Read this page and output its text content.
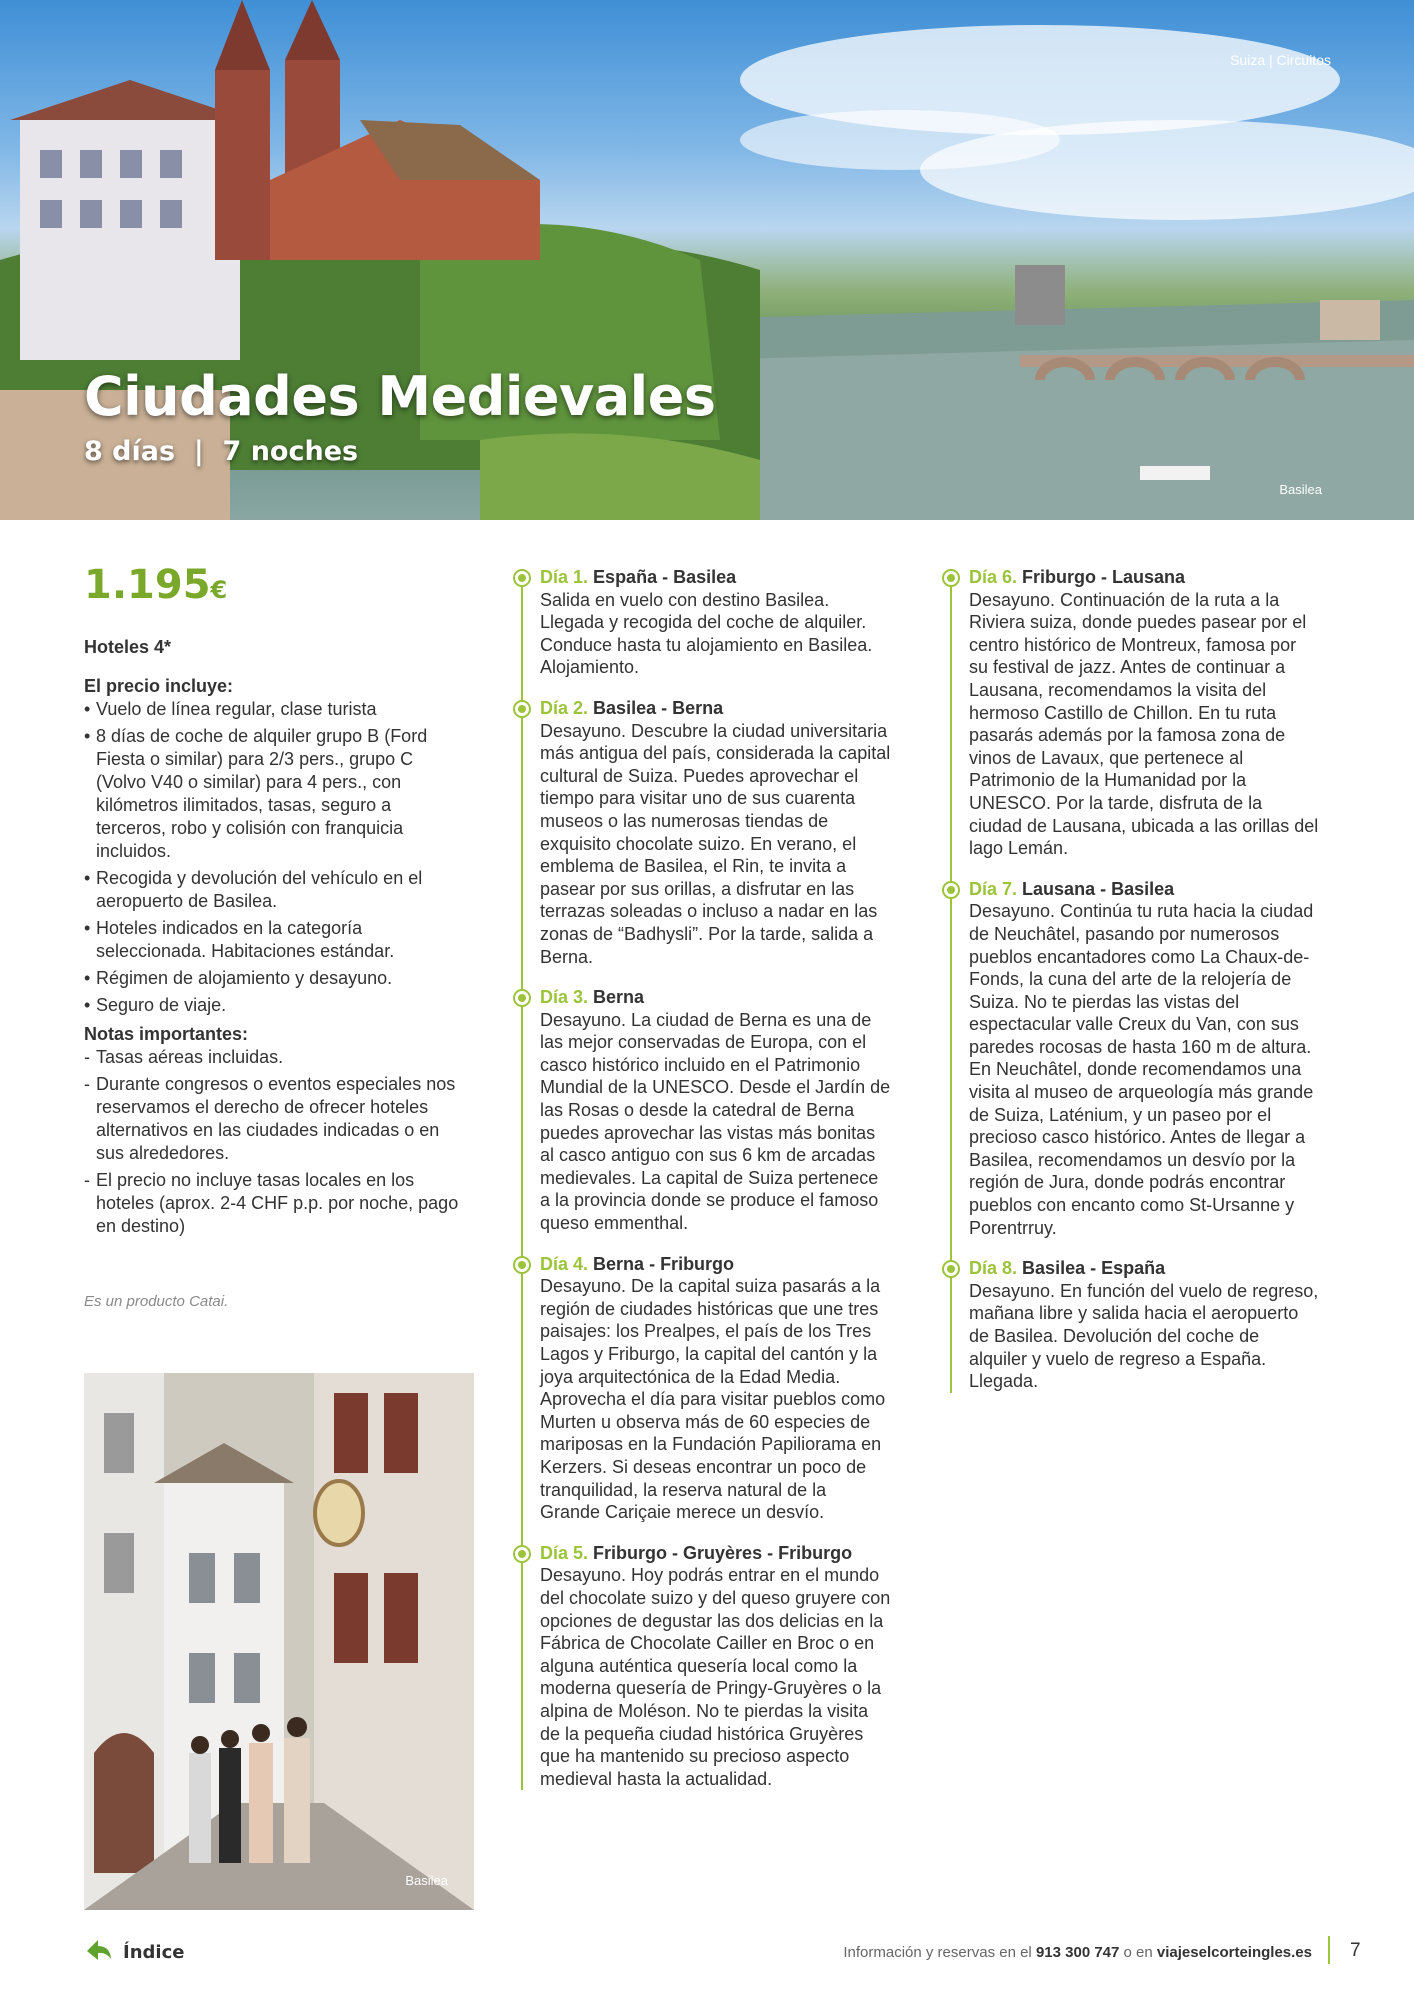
Suiza | Circuitos
Ciudades Medievales
8 días  |  7 noches
Basilea
1.195€
Hoteles 4*
El precio incluye:
• Vuelo de línea regular, clase turista
• 8 días de coche de alquiler grupo B (Ford Fiesta o similar) para 2/3 pers., grupo C (Volvo V40 o similar) para 4 pers., con kilómetros ilimitados, tasas, seguro a terceros, robo y colisión con franquicia incluidos.
• Recogida y devolución del vehículo en el aeropuerto de Basilea.
• Hoteles indicados en la categoría seleccionada. Habitaciones estándar.
• Régimen de alojamiento y desayuno.
• Seguro de viaje.
Notas importantes:
- Tasas aéreas incluidas.
- Durante congresos o eventos especiales nos reservamos el derecho de ofrecer hoteles alternativos en las ciudades indicadas o en sus alrededores.
- El precio no incluye tasas locales en los hoteles (aprox. 2-4 CHF p.p. por noche, pago en destino)
Es un producto Catai.
Basilea
Día 1. España - Basilea
Salida en vuelo con destino Basilea. Llegada y recogida del coche de alquiler. Conduce hasta tu alojamiento en Basilea. Alojamiento.
Día 2. Basilea - Berna
Desayuno. Descubre la ciudad universitaria más antigua del país, considerada la capital cultural de Suiza. Puedes aprovechar el tiempo para visitar uno de sus cuarenta museos o las numerosas tiendas de exquisito chocolate suizo. En verano, el emblema de Basilea, el Rin, te invita a pasear por sus orillas, a disfrutar en las terrazas soleadas o incluso a nadar en las zonas de “Badhysli”. Por la tarde, salida a Berna.
Día 3. Berna
Desayuno. La ciudad de Berna es una de las mejor conservadas de Europa, con el casco histórico incluido en el Patrimonio Mundial de la UNESCO. Desde el Jardín de las Rosas o desde la catedral de Berna puedes aprovechar las vistas más bonitas al casco antiguo con sus 6 km de arcadas medievales. La capital de Suiza pertenece a la provincia donde se produce el famoso queso emmenthal.
Día 4. Berna - Friburgo
Desayuno. De la capital suiza pasarás a la región de ciudades históricas que une tres paisajes: los Prealpes, el país de los Tres Lagos y Friburgo, la capital del cantón y la joya arquitectónica de la Edad Media. Aprovecha el día para visitar pueblos como Murten u observa más de 60 especies de mariposas en la Fundación Papiliorama en Kerzers. Si deseas encontrar un poco de tranquilidad, la reserva natural de la Grande Cariçaie merece un desvío.
Día 5. Friburgo - Gruyères - Friburgo
Desayuno. Hoy podrás entrar en el mundo del chocolate suizo y del queso gruyere con opciones de degustar las dos delicias en la Fábrica de Chocolate Cailler en Broc o en alguna auténtica quesería local como la moderna quesería de Pringy-Gruyères o la alpina de Moléson. No te pierdas la visita de la pequeña ciudad histórica Gruyères que ha mantenido su precioso aspecto medieval hasta la actualidad.
Día 6. Friburgo - Lausana
Desayuno. Continuación de la ruta a la Riviera suiza, donde puedes pasear por el centro histórico de Montreux, famosa por su festival de jazz. Antes de continuar a Lausana, recomendamos la visita del hermoso Castillo de Chillon. En tu ruta pasarás además por la famosa zona de vinos de Lavaux, que pertenece al Patrimonio de la Humanidad por la UNESCO. Por la tarde, disfruta de la ciudad de Lausana, ubicada a las orillas del lago Lemán.
Día 7. Lausana - Basilea
Desayuno. Continúa tu ruta hacia la ciudad de Neuchâtel, pasando por numerosos pueblos encantadores como La Chaux-de-Fonds, la cuna del arte de la relojería de Suiza. No te pierdas las vistas del espectacular valle Creux du Van, con sus paredes rocosas de hasta 160 m de altura. En Neuchâtel, donde recomendamos una visita al museo de arqueología más grande de Suiza, Laténium, y un paseo por el precioso casco histórico. Antes de llegar a Basilea, recomendamos un desvío por la región de Jura, donde podrás encontrar pueblos con encanto como St-Ursanne y Porentrruy.
Día 8. Basilea - España
Desayuno. En función del vuelo de regreso, mañana libre y salida hacia el aeropuerto de Basilea. Devolución del coche de alquiler y vuelo de regreso a España. Llegada.
Índice	Información y reservas en el 913 300 747 o en viajeselcorteingles.es 7
